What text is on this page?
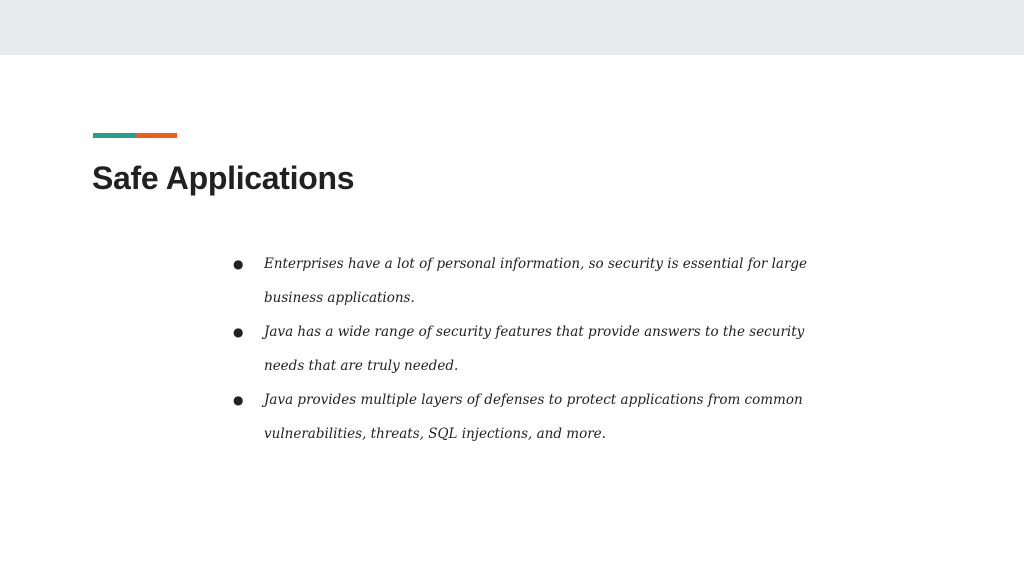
Safe Applications
● Enterprises have a lot of personal information, so security is essential for large business applications.
● Java has a wide range of security features that provide answers to the security needs that are truly needed.
● Java provides multiple layers of defenses to protect applications from common vulnerabilities, threats, SQL injections, and more.
